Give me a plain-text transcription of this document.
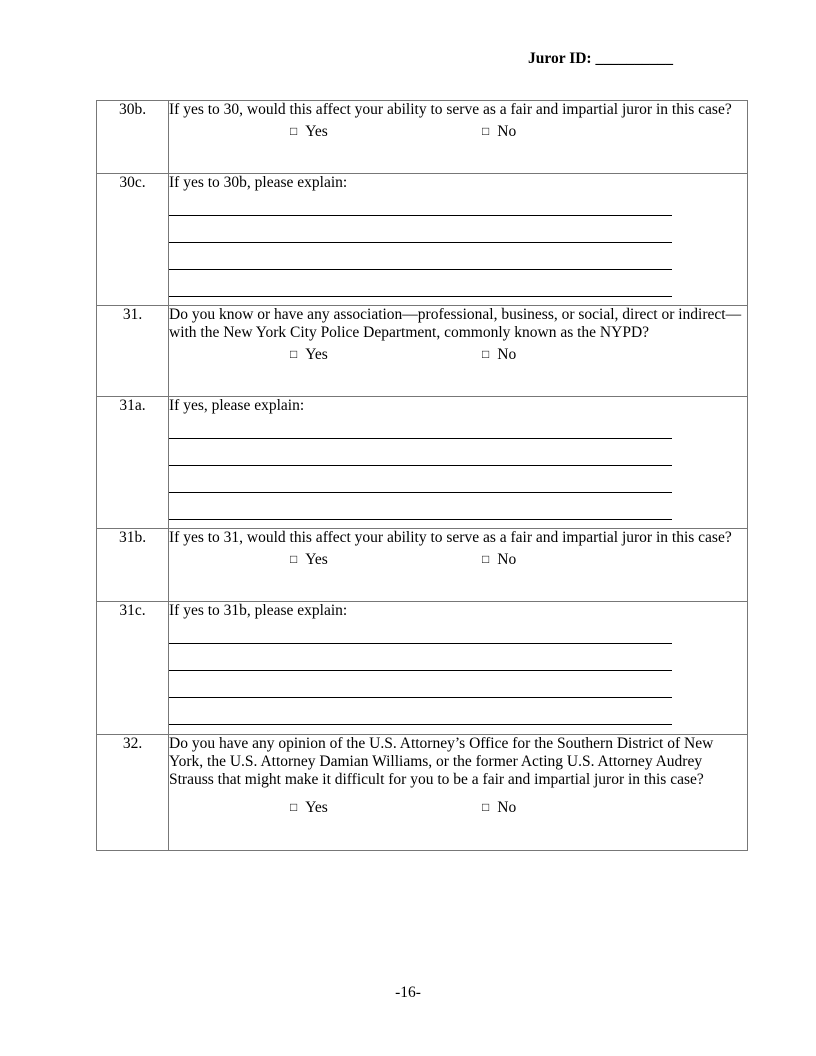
Juror ID: __________
30b.	If yes to 30, would this affect your ability to serve as a fair and impartial juror in this case?
□ Yes □ No

30c.	If yes to 30b, please explain:

31.	Do you know or have any association—professional, business, or social, direct or indirect—with the New York City Police Department, commonly known as the NYPD?
□ Yes □ No

31a.	If yes, please explain:

31b.	If yes to 31, would this affect your ability to serve as a fair and impartial juror in this case?
□ Yes □ No

31c.	If yes to 31b, please explain:

32.	Do you have any opinion of the U.S. Attorney’s Office for the Southern District of New York, the U.S. Attorney Damian Williams, or the former Acting U.S. Attorney Audrey Strauss that might make it difficult for you to be a fair and impartial juror in this case?
□ Yes □ No
-16-
